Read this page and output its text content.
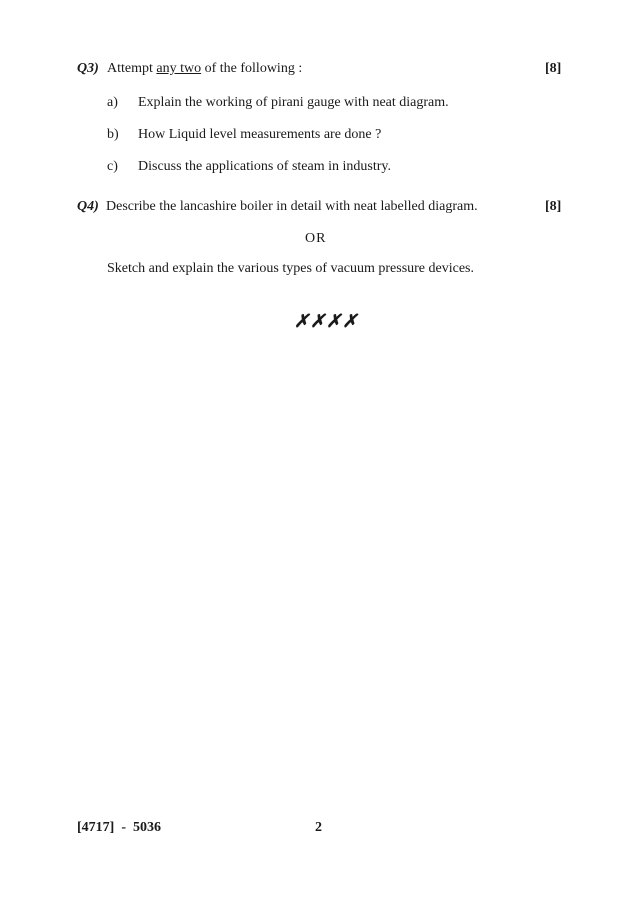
Q3) Attempt any two of the following :	[8]
a) Explain the working of pirani gauge with neat diagram.
b) How Liquid level measurements are done ?
c) Discuss the applications of steam in industry.
Q4) Describe the lancashire boiler in detail with neat labelled diagram.	[8]
OR
Sketch and explain the various types of vacuum pressure devices.
✗✗✗✗
[4717]  -  5036	2
